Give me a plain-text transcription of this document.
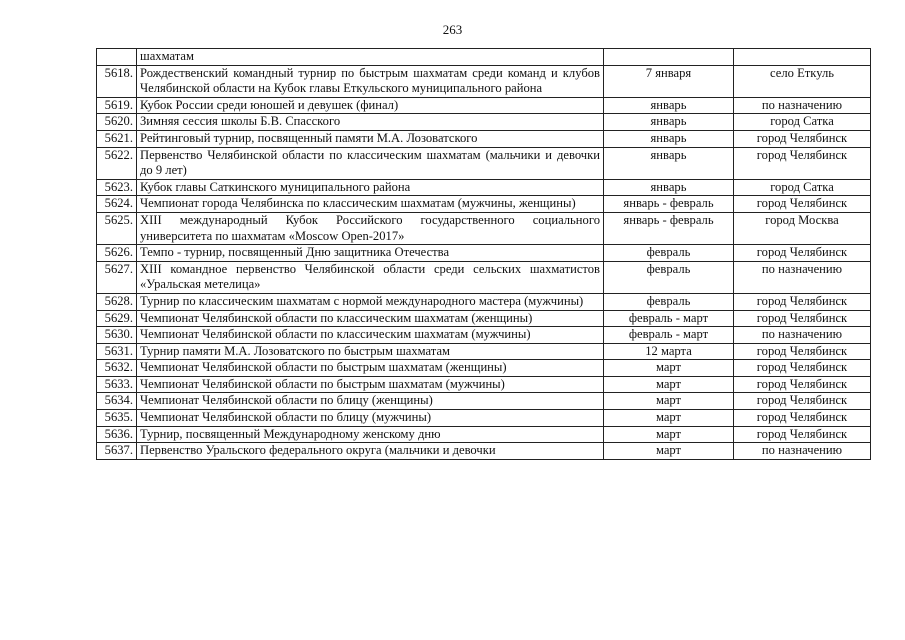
263
	шахматам		
5618.	Рождественский командный турнир по быстрым шахматам среди команд и клубов Челябинской области на Кубок главы Еткульского муниципального района	7 января	село Еткуль
5619.	Кубок России среди юношей и девушек (финал)	январь	по назначению
5620.	Зимняя сессия школы Б.В. Спасского	январь	город Сатка
5621.	Рейтинговый турнир, посвященный памяти М.А. Лозоватского	январь	город Челябинск
5622.	Первенство Челябинской области по классическим шахматам (мальчики и девочки до 9 лет)	январь	город Челябинск
5623.	Кубок главы Саткинского муниципального района	январь	город Сатка
5624.	Чемпионат города Челябинска по классическим шахматам (мужчины, женщины)	январь - февраль	город Челябинск
5625.	XIII международный Кубок Российского государственного социального университета по шахматам «Moscow Open-2017»	январь - февраль	город Москва
5626.	Темпо - турнир, посвященный Дню защитника Отечества	февраль	город Челябинск
5627.	XIII командное первенство Челябинской области среди сельских шахматистов «Уральская метелица»	февраль	по назначению
5628.	Турнир по классическим шахматам с нормой международного мастера (мужчины)	февраль	город Челябинск
5629.	Чемпионат Челябинской области по классическим шахматам (женщины)	февраль - март	город Челябинск
5630.	Чемпионат Челябинской области по классическим шахматам (мужчины)	февраль - март	по назначению
5631.	Турнир памяти М.А. Лозоватского по быстрым шахматам	12 марта	город Челябинск
5632.	Чемпионат Челябинской области по быстрым шахматам (женщины)	март	город Челябинск
5633.	Чемпионат Челябинской области по быстрым шахматам (мужчины)	март	город Челябинск
5634.	Чемпионат Челябинской области по блицу (женщины)	март	город Челябинск
5635.	Чемпионат Челябинской области по блицу (мужчины)	март	город Челябинск
5636.	Турнир, посвященный Международному женскому дню	март	город Челябинск
5637.	Первенство Уральского федерального округа (мальчики и девочки	март	по назначению
